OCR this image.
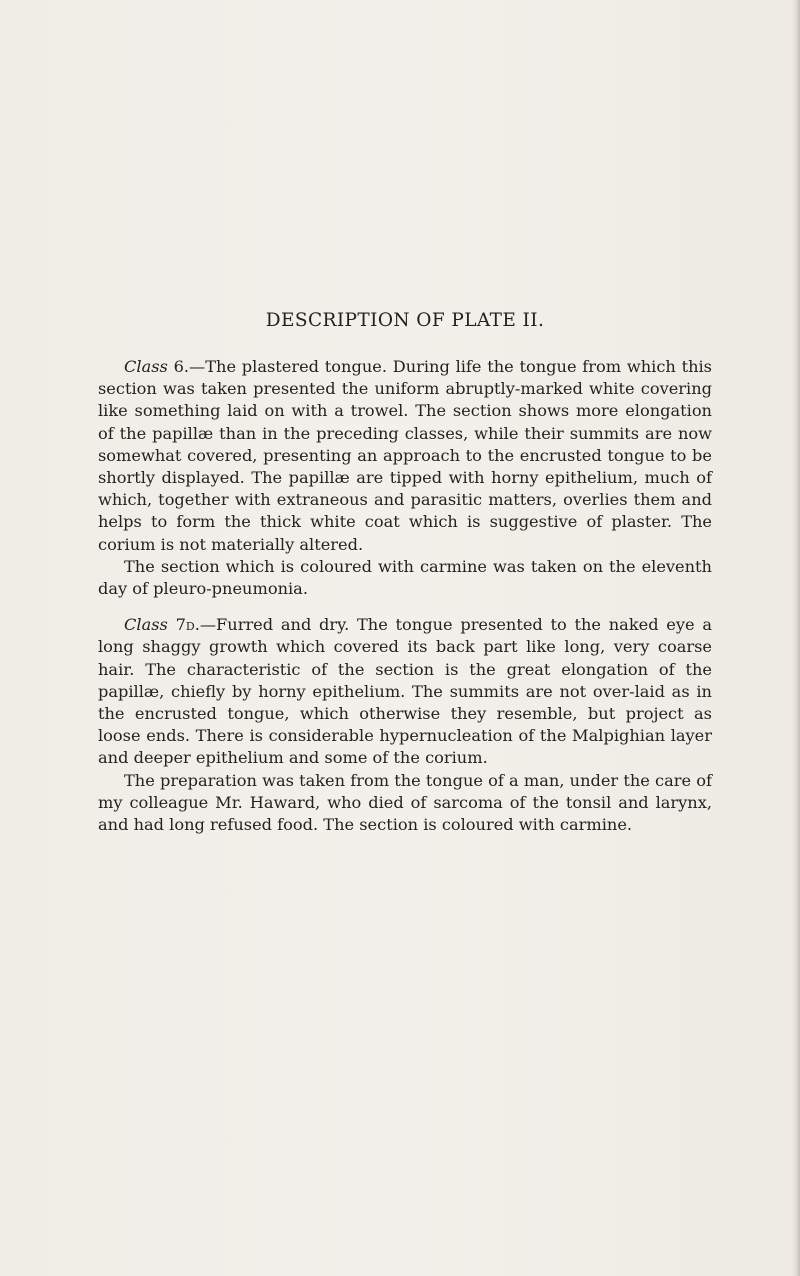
DESCRIPTION OF PLATE II.

Class 6.—The plastered tongue. During life the tongue from which this section was taken presented the uniform abruptly-marked white covering like something laid on with a trowel. The section shows more elongation of the papillæ than in the preceding classes, while their summits are now somewhat covered, presenting an approach to the encrusted tongue to be shortly displayed. The papillæ are tipped with horny epithelium, much of which, together with extraneous and parasitic matters, overlies them and helps to form the thick white coat which is suggestive of plaster. The corium is not materially altered.

The section which is coloured with carmine was taken on the eleventh day of pleuro-pneumonia.

Class 7d.—Furred and dry. The tongue presented to the naked eye a long shaggy growth which covered its back part like long, very coarse hair. The characteristic of the section is the great elongation of the papillæ, chiefly by horny epithelium. The summits are not over-laid as in the encrusted tongue, which otherwise they resemble, but project as loose ends. There is considerable hypernucleation of the Malpighian layer and deeper epithelium and some of the corium.

The preparation was taken from the tongue of a man, under the care of my colleague Mr. Haward, who died of sarcoma of the tonsil and larynx, and had long refused food. The section is coloured with carmine.
